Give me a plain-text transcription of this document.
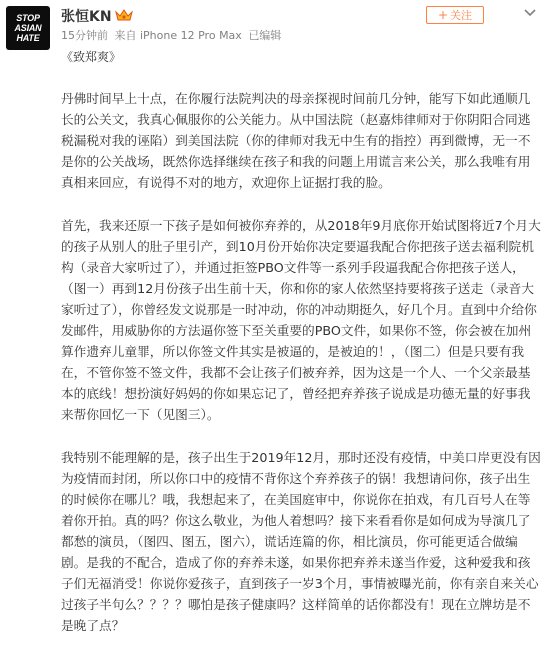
STOP
ASIAN
HATE
张恒KN
15分钟前 来自 iPhone 12 Pro Max 已编辑
+ 关注
《致郑爽》

丹佛时间早上十点，在你履行法院判决的母亲探视时间前几分钟，能写下如此通顺几长的公关文，我真心佩服你的公关能力。从中国法院（赵嘉炜律师对于你阴阳合同逃税漏税对我的诬陷）到美国法院（你的律师对我无中生有的指控）再到微博，无一不是你的公关战场，既然你选择继续在孩子和我的问题上用谎言来公关，那么我唯有用真相来回应，有说得不对的地方，欢迎你上证据打我的脸。

首先，我来还原一下孩子是如何被你弃养的，从2018年9月底你开始试图将近7个月大的孩子从别人的肚子里引产，到10月份开始你决定要逼我配合你把孩子送去福利院机构（录音大家听过了），并通过拒签PBO文件等一系列手段逼我配合你把孩子送人，（图一）再到12月份孩子出生前十天，你和你的家人依然坚持要将孩子送走（录音大家听过了），你曾经发文说那是一时冲动，你的冲动期挺久，好几个月。直到中介给你发邮件，用威胁你的方法逼你签下至关重要的PBO文件，如果你不签，你会被在加州算作遗弃儿童罪，所以你签文件其实是被逼的，是被迫的！，（图二）但是只要有我在，不管你签不签文件，我都不会让孩子们被弃养，因为这是一个人、一个父亲最基本的底线！想扮演好妈妈的你如果忘记了，曾经把弃养孩子说成是功德无量的好事我来帮你回忆一下（见图三）。

我特别不能理解的是，孩子出生于2019年12月，那时还没有疫情，中美口岸更没有因为疫情而封闭，所以你口中的疫情不背你这个弃养孩子的锅！我想请问你，孩子出生的时候你在哪儿？哦，我想起来了，在美国庭审中，你说你在拍戏，有几百号人在等着你开拍。真的吗？你这么敬业，为他人着想吗？接下来看看你是如何成为导演几了都愁的演员，（图四、图五，图六），谎话连篇的你，相比演员，你可能更适合做编剧。是我的不配合，造成了你的弃养未遂，如果你把弃养未遂当作爱，这种爱我和孩子们无福消受！你说你爱孩子，直到孩子一岁3个月，事情被曝光前，你有亲自来关心过孩子半句么？？？？哪怕是孩子健康吗？这样简单的话你都没有！现在立牌坊是不是晚了点？
